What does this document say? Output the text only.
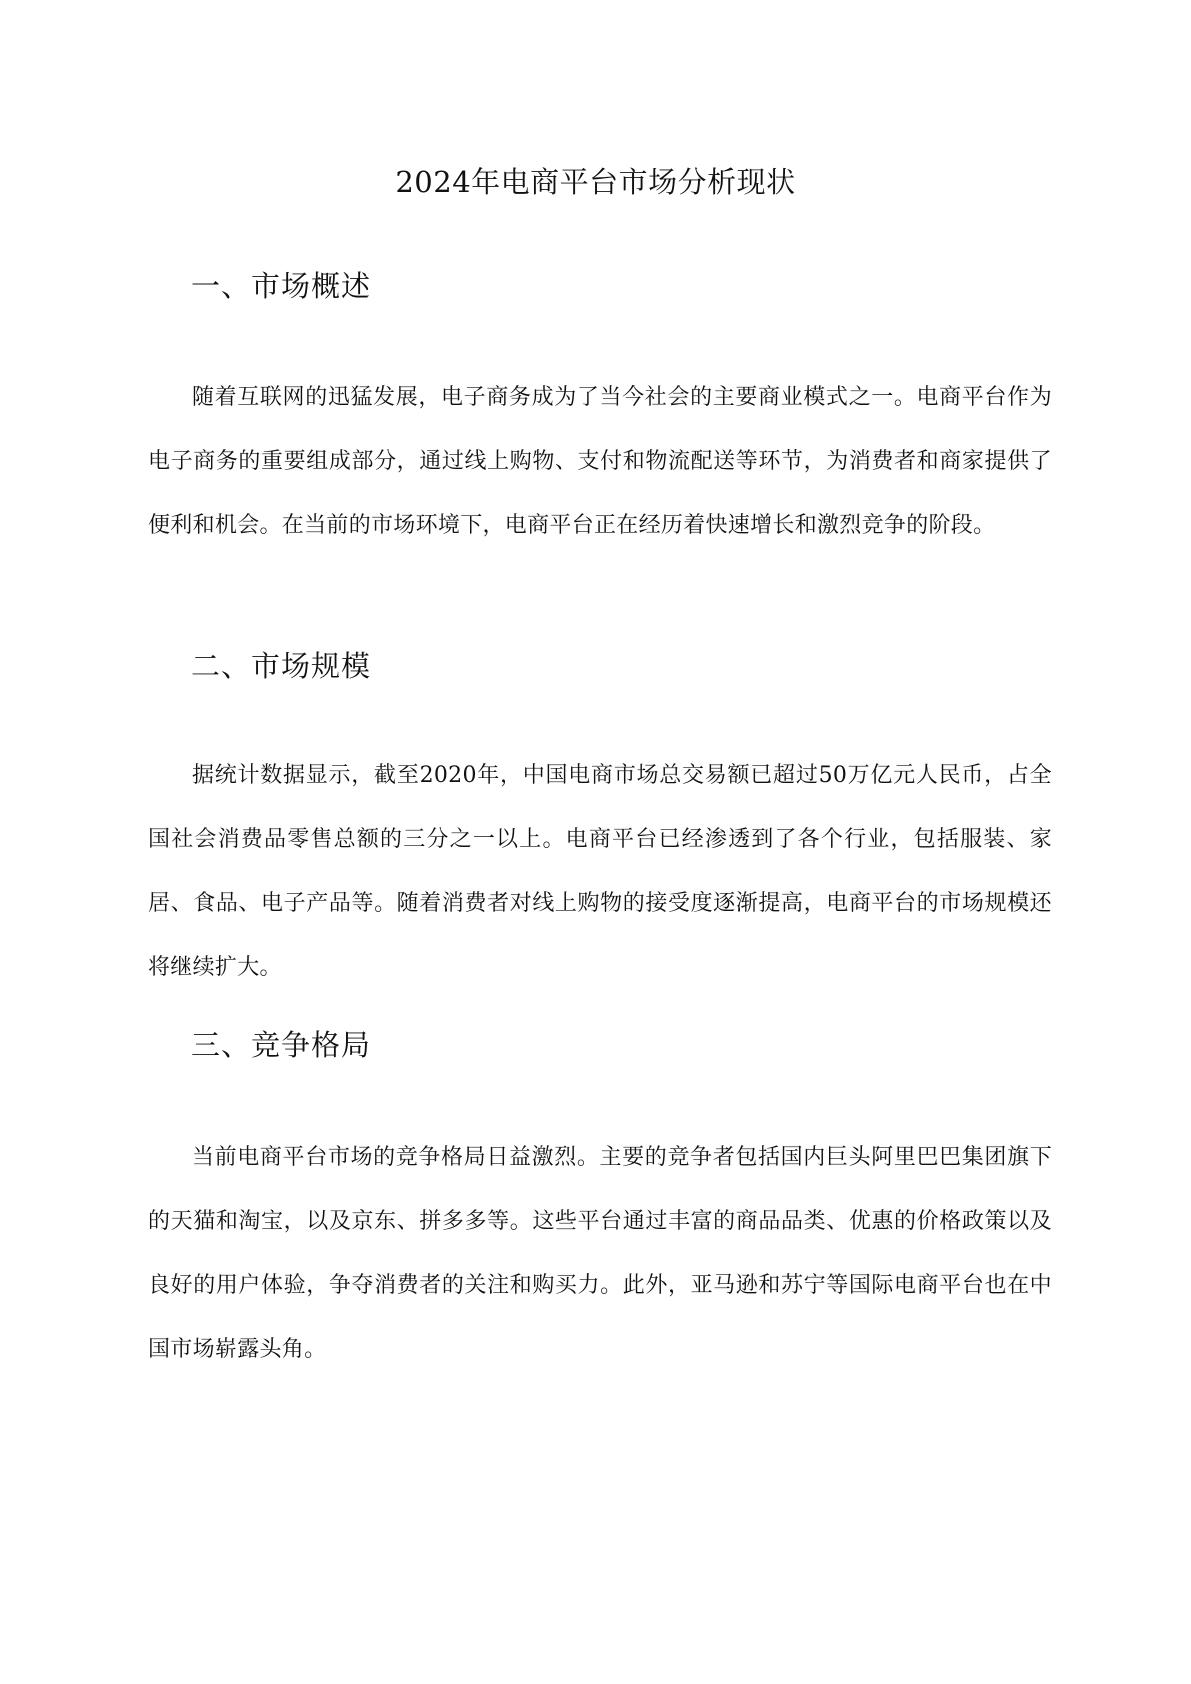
2024年电商平台市场分析现状
一、市场概述

随着互联网的迅猛发展，电子商务成为了当今社会的主要商业模式之一。电商平台作为电子商务的重要组成部分，通过线上购物、支付和物流配送等环节，为消费者和商家提供了便利和机会。在当前的市场环境下，电商平台正在经历着快速增长和激烈竞争的阶段。

二、市场规模

据统计数据显示，截至2020年，中国电商市场总交易额已超过50万亿元人民币，占全国社会消费品零售总额的三分之一以上。电商平台已经渗透到了各个行业，包括服装、家居、食品、电子产品等。随着消费者对线上购物的接受度逐渐提高，电商平台的市场规模还将继续扩大。

三、竞争格局

当前电商平台市场的竞争格局日益激烈。主要的竞争者包括国内巨头阿里巴巴集团旗下的天猫和淘宝，以及京东、拼多多等。这些平台通过丰富的商品品类、优惠的价格政策以及良好的用户体验，争夺消费者的关注和购买力。此外，亚马逊和苏宁等国际电商平台也在中国市场崭露头角。
